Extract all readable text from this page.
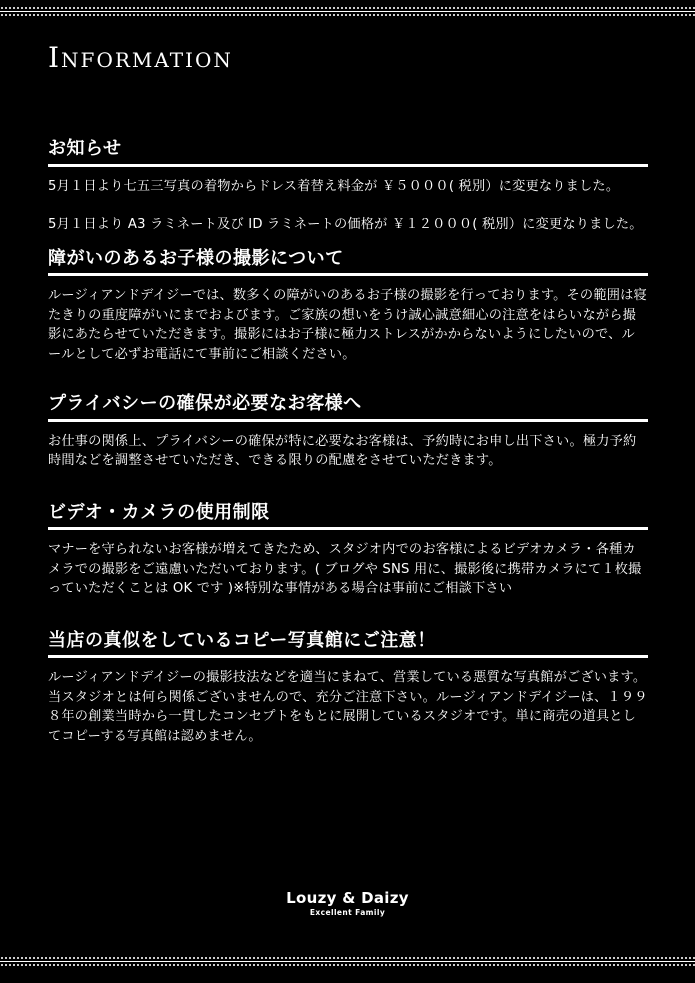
Information
お知らせ

5月１日より七五三写真の着物からドレス着替え料金が ￥５０００( 税別）に変更なりました。

5月１日より A3 ラミネート及び ID ラミネートの価格が ￥１２０００( 税別）に変更なりました。

障がいのあるお子様の撮影について

ルージィアンドデイジーでは、数多くの障がいのあるお子様の撮影を行っております。その範囲は寝たきりの重度障がいにまでおよびます。ご家族の想いをうけ誠心誠意細心の注意をはらいながら撮影にあたらせていただきます。撮影にはお子様に極力ストレスがかからないようにしたいので、ルールとして必ずお電話にて事前にご相談ください。

プライバシーの確保が必要なお客様へ

お仕事の関係上、プライバシーの確保が特に必要なお客様は、予約時にお申し出下さい。極力予約時間などを調整させていただき、できる限りの配慮をさせていただきます。

ビデオ・カメラの使用制限

マナーを守られないお客様が増えてきたため、スタジオ内でのお客様によるビデオカメラ・各種カメラでの撮影をご遠慮いただいております。( ブログや SNS 用に、撮影後に携帯カメラにて１枚撮っていただくことは OK です )※特別な事情がある場合は事前にご相談下さい

当店の真似をしているコピー写真館にご注意！

ルージィアンドデイジーの撮影技法などを適当にまねて、営業している悪質な写真館がございます。当スタジオとは何ら関係ございませんので、充分ご注意下さい。ルージィアンドデイジーは、１９９８年の創業当時から一貫したコンセプトをもとに展開しているスタジオです。単に商売の道具としてコピーする写真館は認めません。

Louzy & Daizy
Excellent Family
